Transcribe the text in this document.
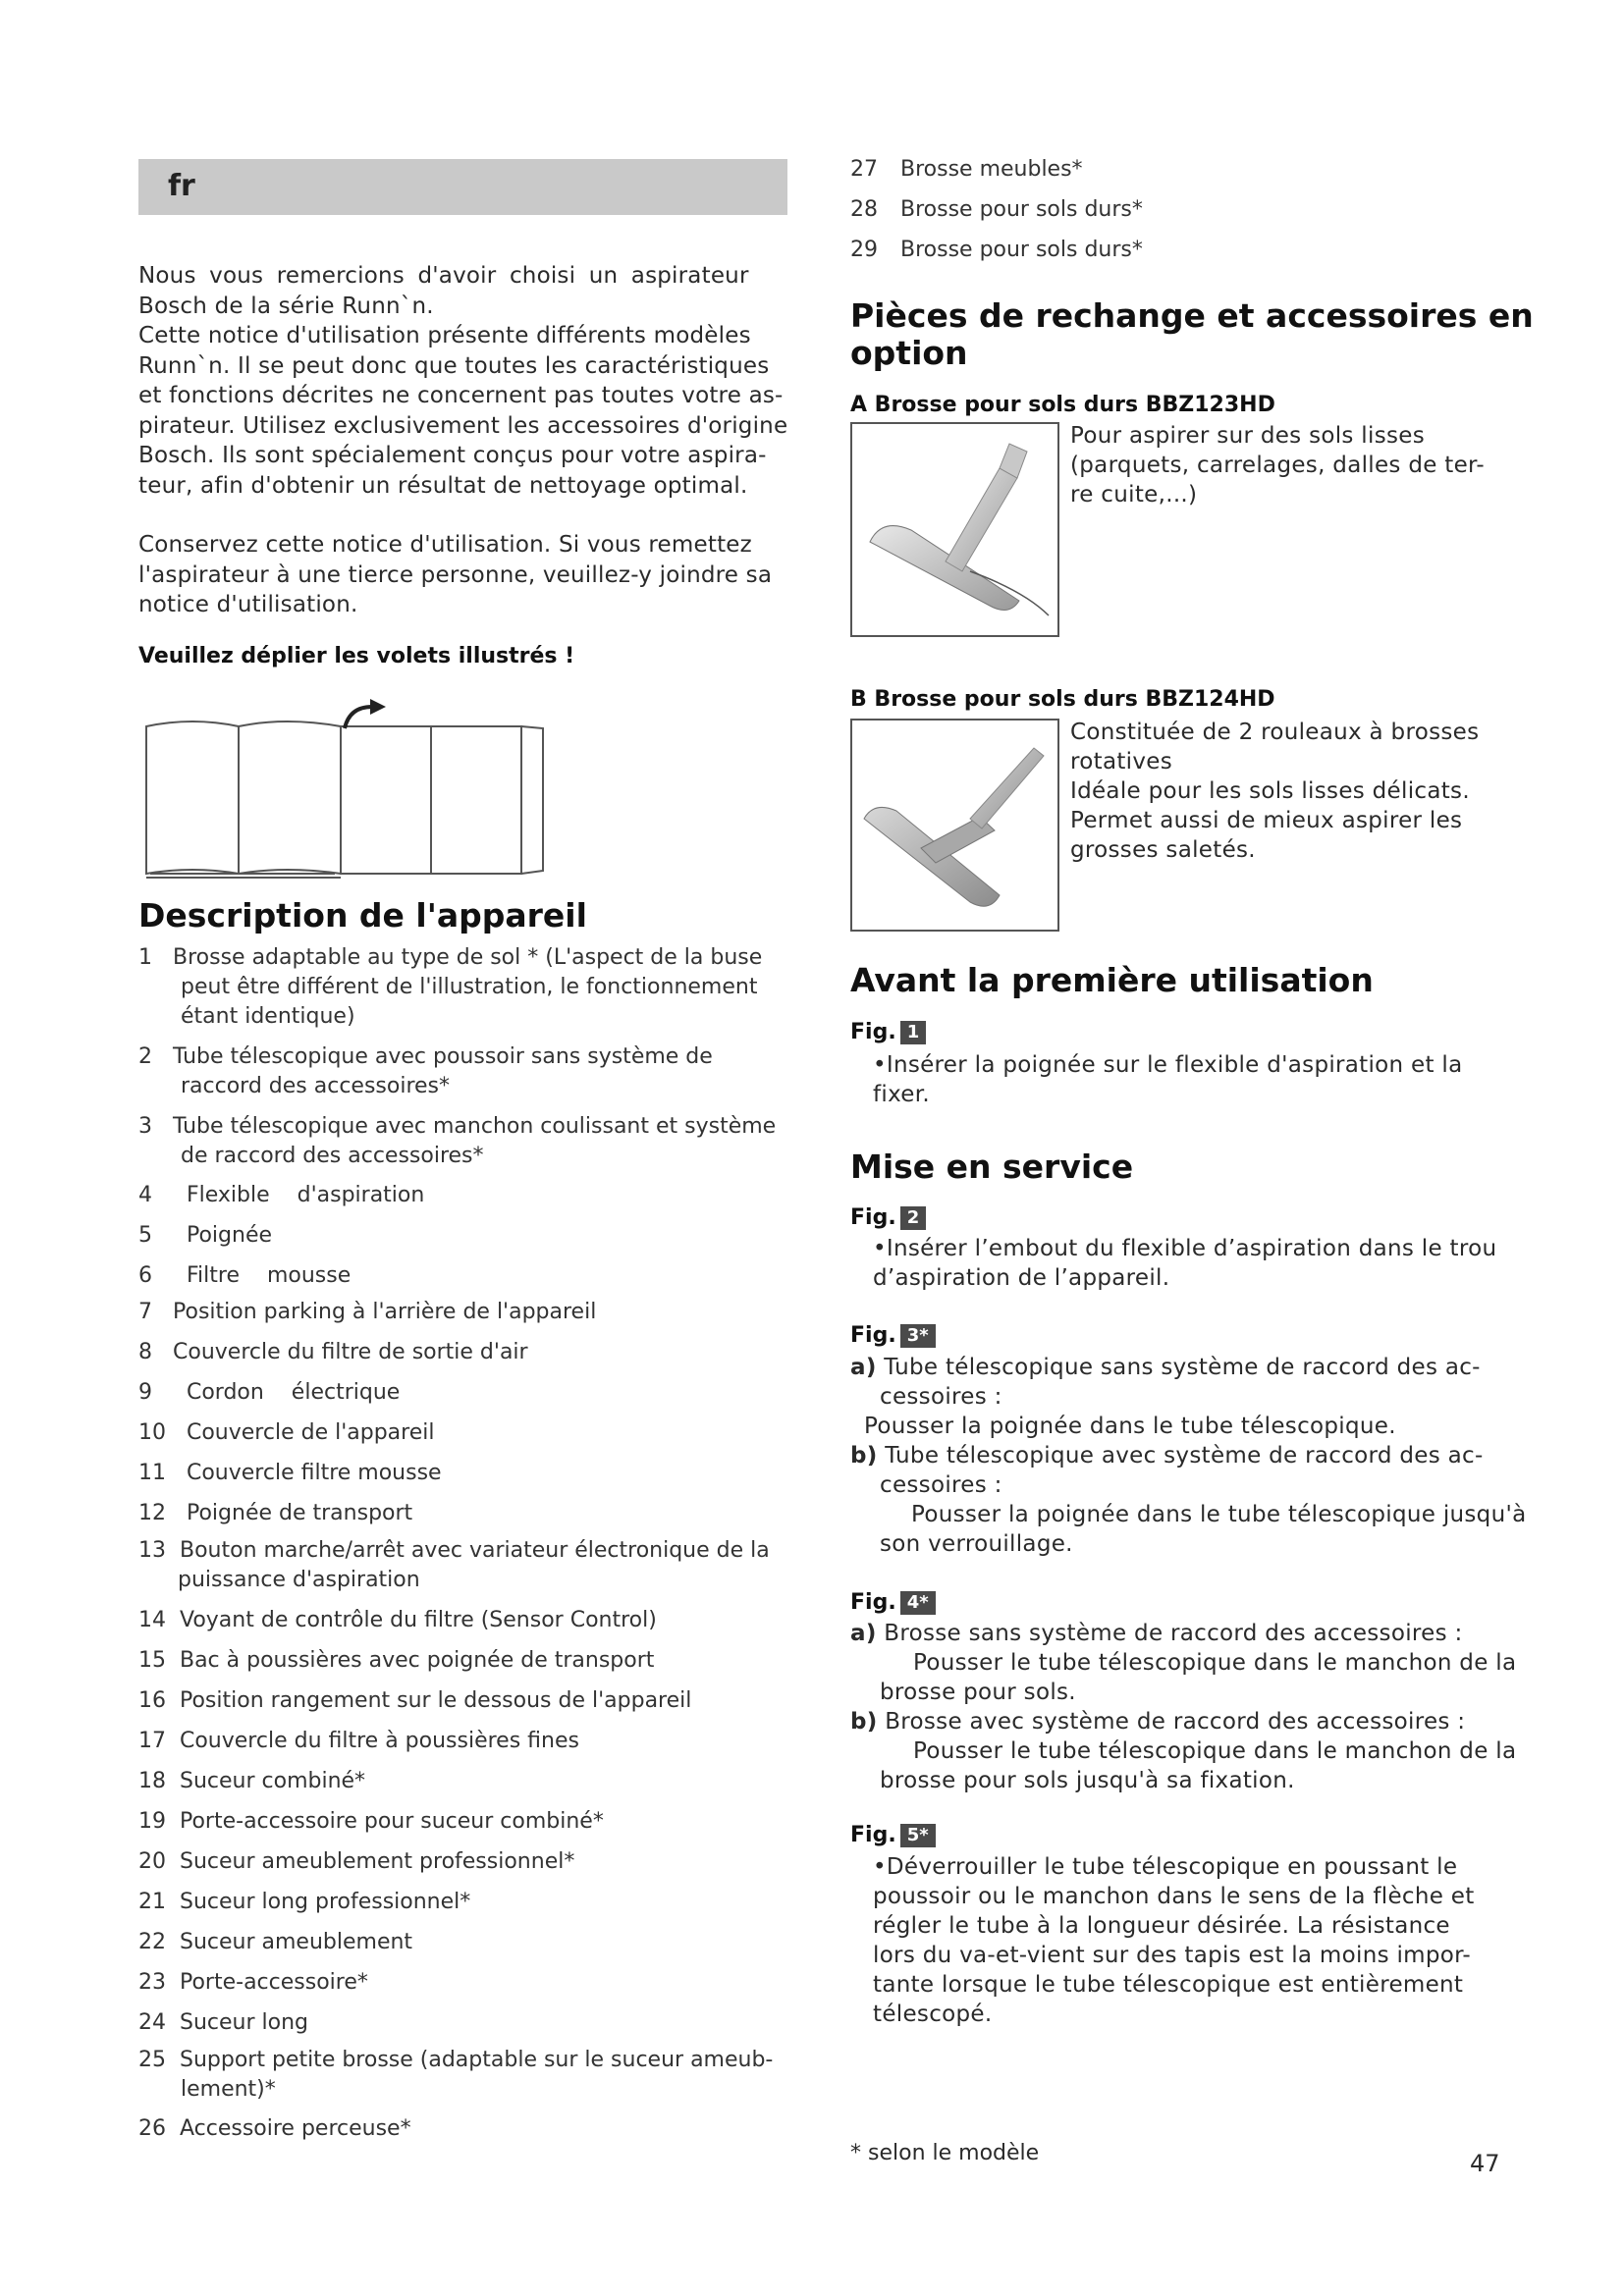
fr
Nous vous remercions d'avoir choisi un aspirateur
Bosch de la série Runn`n.
Cette notice d'utilisation présente différents modèles
Runn`n. Il se peut donc que toutes les caractéristiques
et fonctions décrites ne concernent pas toutes votre as-
pirateur. Utilisez exclusivement les accessoires d'origine
Bosch. Ils sont spécialement conçus pour votre aspira-
teur, afin d'obtenir un résultat de nettoyage optimal.
Conservez cette notice d'utilisation. Si vous remettez
l'aspirateur à une tierce personne, veuillez-y joindre sa
notice d'utilisation.
Veuillez déplier les volets illustrés !
Description de l'appareil
1 Brosse adaptable au type de sol * (L'aspect de la buse
peut être différent de l'illustration, le fonctionnement
étant identique)
2 Tube télescopique avec poussoir sans système de
raccord des accessoires*
3 Tube télescopique avec manchon coulissant et système
de raccord des accessoires*
4   Flexible    d'aspiration
5   Poignée
6   Filtre    mousse
7 Position parking à l'arrière de l'appareil
8 Couvercle du filtre de sortie d'air
9   Cordon    électrique
10   Couvercle de l'appareil
11   Couvercle filtre mousse
12   Poignée de transport
13  Bouton marche/arrêt avec variateur électronique de la
puissance d'aspiration
14  Voyant de contrôle du filtre (Sensor Control)
15  Bac à poussières avec poignée de transport
16  Position rangement sur le dessous de l'appareil
17  Couvercle du filtre à poussières fines
18  Suceur combiné*
19  Porte-accessoire pour suceur combiné*
20  Suceur ameublement professionnel*
21  Suceur long professionnel*
22  Suceur ameublement
23  Porte-accessoire*
24  Suceur long
25  Support petite brosse (adaptable sur le suceur ameub-
lement)*
26  Accessoire perceuse*
27 Brosse meubles*
28 Brosse pour sols durs*
29 Brosse pour sols durs*
Pièces de rechange et accessoires en
option
A Brosse pour sols durs BBZ123HD
Pour aspirer sur des sols lisses
(parquets, carrelages, dalles de ter-
re cuite,...)
B Brosse pour sols durs BBZ124HD
Constituée de 2 rouleaux à brosses
rotatives
Idéale pour les sols lisses délicats.
Permet aussi de mieux aspirer les
grosses saletés.
Avant la première utilisation
Fig. 1
•Insérer la poignée sur le flexible d'aspiration et la
fixer.
Mise en service
Fig. 2
•Insérer l’embout du flexible d’aspiration dans le trou
d’aspiration de l’appareil.
Fig. 3*
a) Tube télescopique sans système de raccord des ac-
cessoires :
Pousser la poignée dans le tube télescopique.
b) Tube télescopique avec système de raccord des ac-
cessoires :
Pousser la poignée dans le tube télescopique jusqu'à
son verrouillage.
Fig. 4*
a) Brosse sans système de raccord des accessoires :
Pousser le tube télescopique dans le manchon de la
brosse pour sols.
b) Brosse avec système de raccord des accessoires :
Pousser le tube télescopique dans le manchon de la
brosse pour sols jusqu'à sa fixation.
Fig. 5*
•Déverrouiller le tube télescopique en poussant le
poussoir ou le manchon dans le sens de la flèche et
régler le tube à la longueur désirée. La résistance
lors du va-et-vient sur des tapis est la moins impor-
tante lorsque le tube télescopique est entièrement
télescopé.
* selon le modèle	47
